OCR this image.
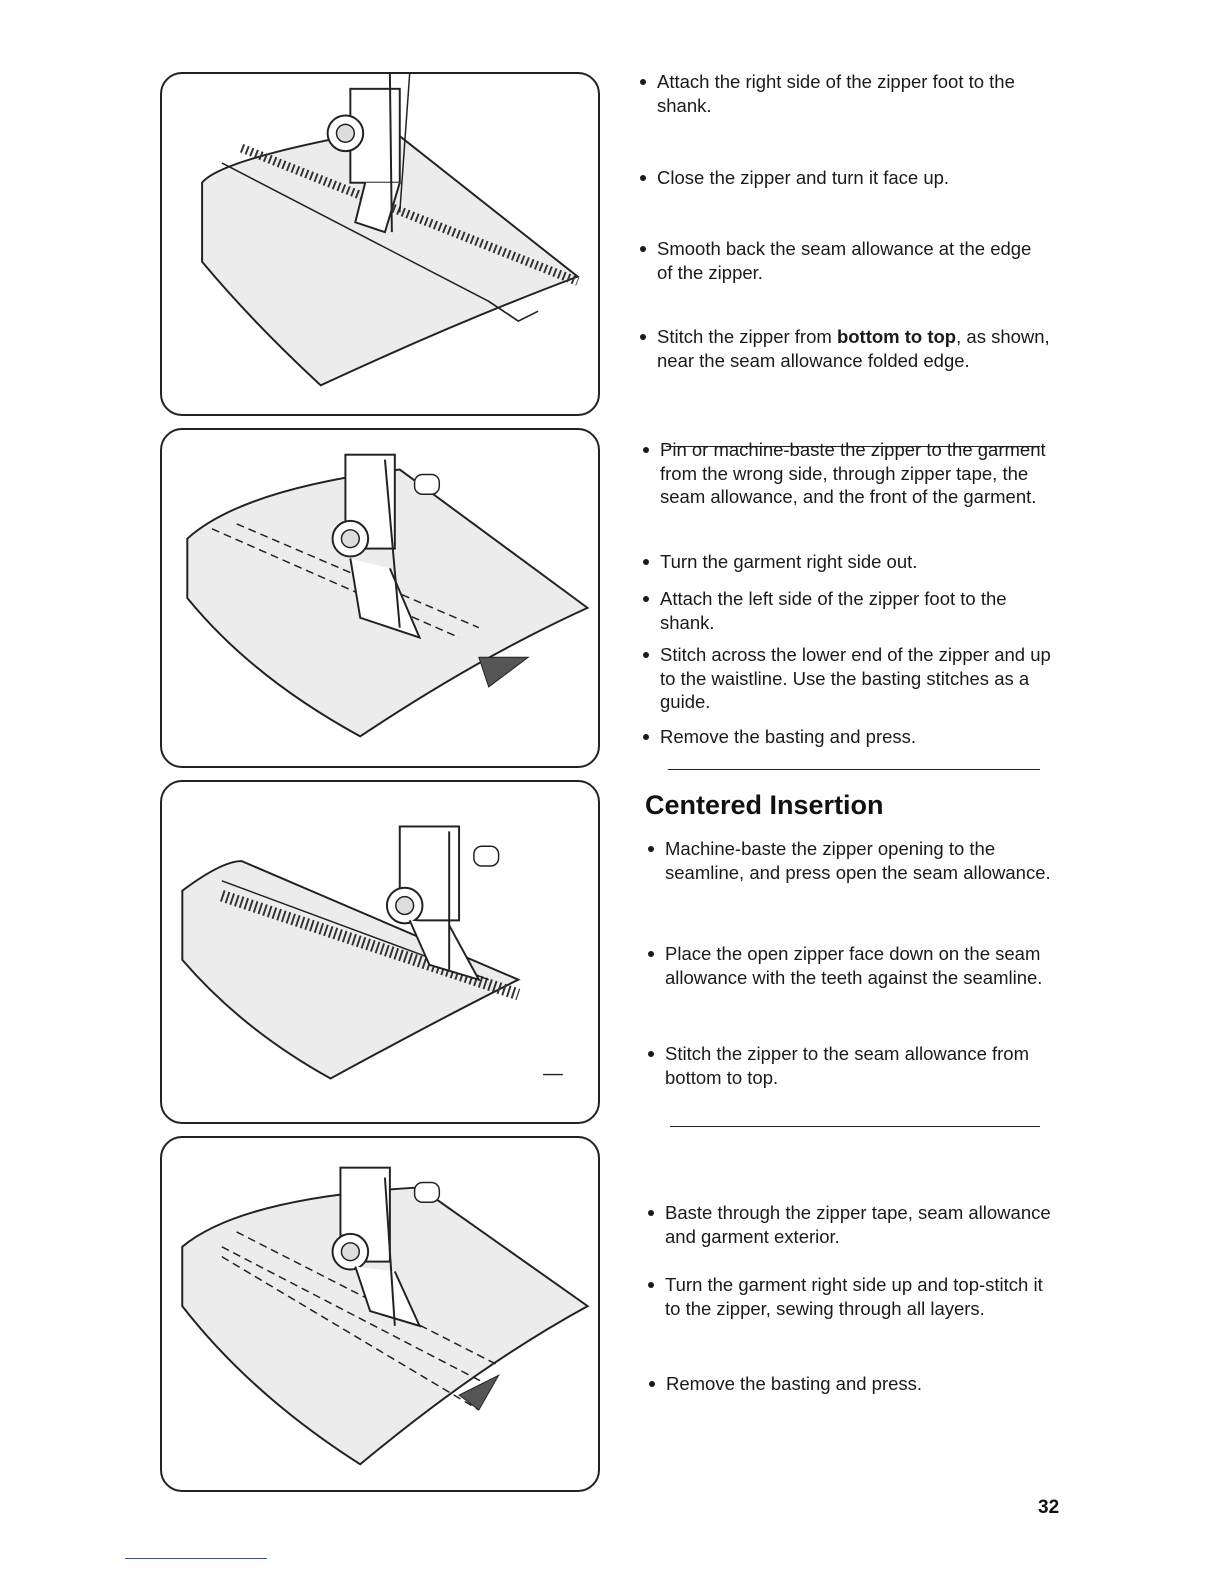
Attach the right side of the zipper foot to the shank.
Close the zipper and turn it face up.
Smooth back the seam allowance at the edge of the zipper.
Stitch the zipper from bottom to top, as shown, near the seam allowance folded edge.
Pin or machine-baste the zipper to the garment from the wrong side, through zipper tape, the seam allowance, and the front of the garment.
Turn the garment right side out.
Attach the left side of the zipper foot to the shank.
Stitch across the lower end of the zipper and up to the waistline. Use the basting stitches as a guide.
Remove the basting and press.
Centered Insertion
Machine-baste the zipper opening to the seamline, and press open the seam allowance.
Place the open zipper face down on the seam allowance with the teeth against the seamline.
Stitch the zipper to the seam allowance from bottom to top.
Baste through the zipper tape, seam allowance and garment exterior.
Turn the garment right side up and top-stitch it to the zipper, sewing through all layers.
Remove the basting and press.
32
